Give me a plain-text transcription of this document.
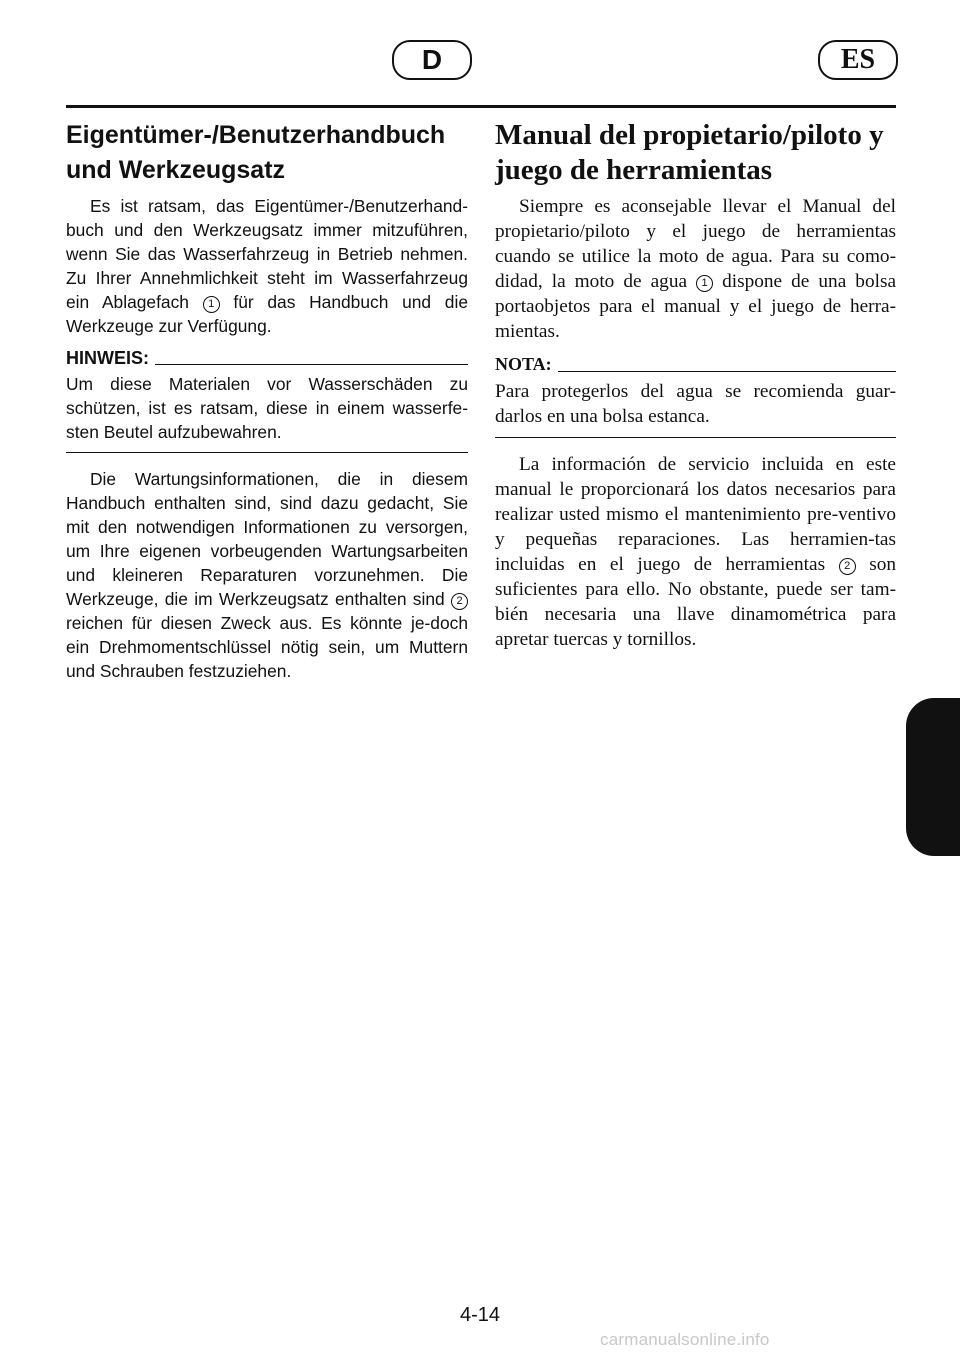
D	ES
Eigentümer-/Benutzerhandbuch
und Werkzeugsatz

Es ist ratsam, das Eigentümer-/Benutzerhand-buch und den Werkzeugsatz immer mitzuführen, wenn Sie das Wasserfahrzeug in Betrieb nehmen. Zu Ihrer Annehmlichkeit steht im Wasserfahrzeug ein Ablagefach 1 für das Handbuch und die Werkzeuge zur Verfügung.

HINWEIS:

Um diese Materialen vor Wasserschäden zu schützen, ist es ratsam, diese in einem wasserfe-sten Beutel aufzubewahren.

Die Wartungsinformationen, die in diesem Handbuch enthalten sind, sind dazu gedacht, Sie mit den notwendigen Informationen zu versorgen, um Ihre eigenen vorbeugenden Wartungsarbeiten und kleineren Reparaturen vorzunehmen. Die Werkzeuge, die im Werkzeugsatz enthalten sind 2 reichen für diesen Zweck aus. Es könnte je-doch ein Drehmomentschlüssel nötig sein, um Muttern und Schrauben festzuziehen.

Manual del propietario/piloto y
juego de herramientas

Siempre es aconsejable llevar el Manual del propietario/piloto y el juego de herramientas cuando se utilice la moto de agua. Para su como-didad, la moto de agua 1 dispone de una bolsa portaobjetos para el manual y el juego de herra-mientas.

NOTA:

Para protegerlos del agua se recomienda guar-darlos en una bolsa estanca.

La información de servicio incluida en este manual le proporcionará los datos necesarios para realizar usted mismo el mantenimiento pre-ventivo y pequeñas reparaciones. Las herramien-tas incluidas en el juego de herramientas 2 son suficientes para ello. No obstante, puede ser tam-bién necesaria una llave dinamométrica para apretar tuercas y tornillos.

4-14
carmanualsonline.info
